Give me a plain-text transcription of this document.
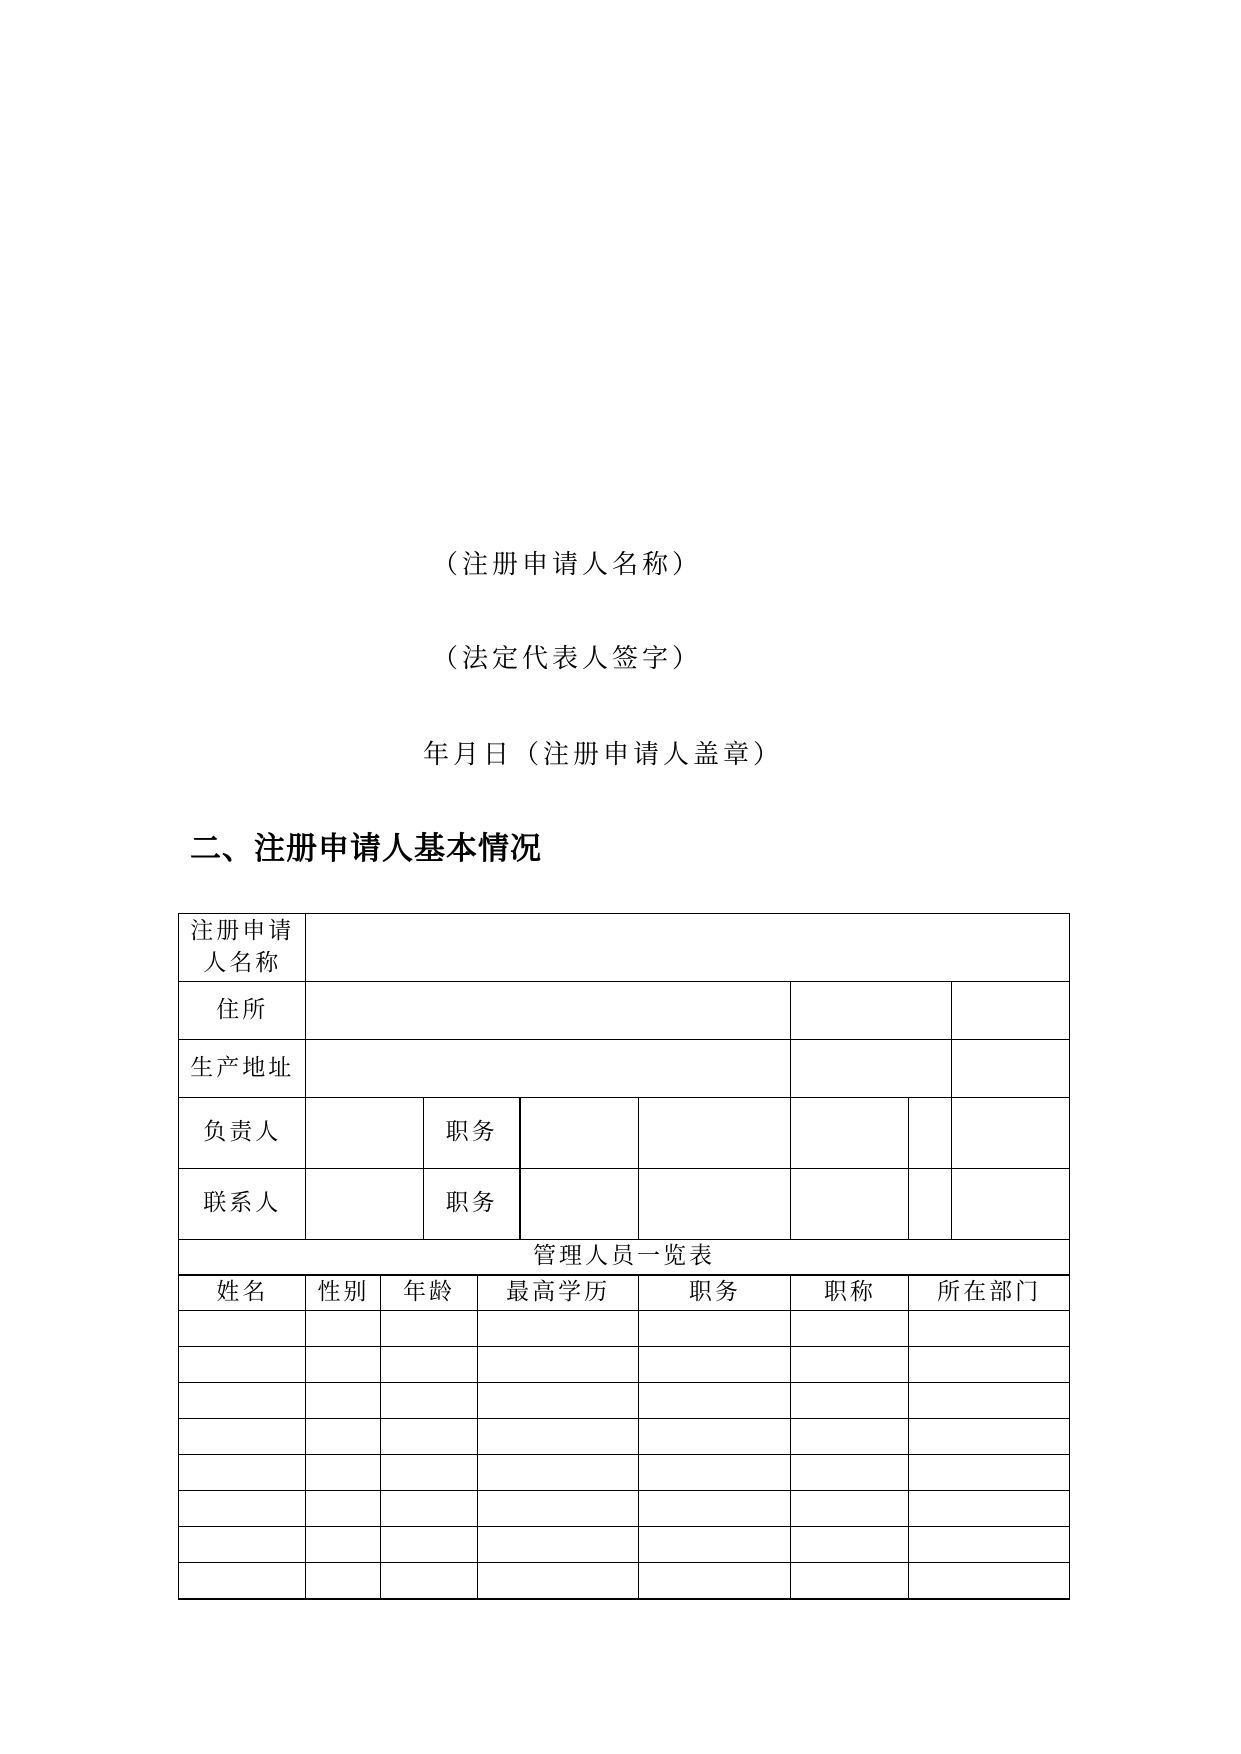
（注册申请人名称）
（法定代表人签字）
年月日（注册申请人盖章）
二、注册申请人基本情况
注册申请人名称									
住所									
生产地址									
负责人			职务						
联系人			职务						
管理人员一览表									
姓名	性别	年龄		最高学历		职务	职称	所在部门	
